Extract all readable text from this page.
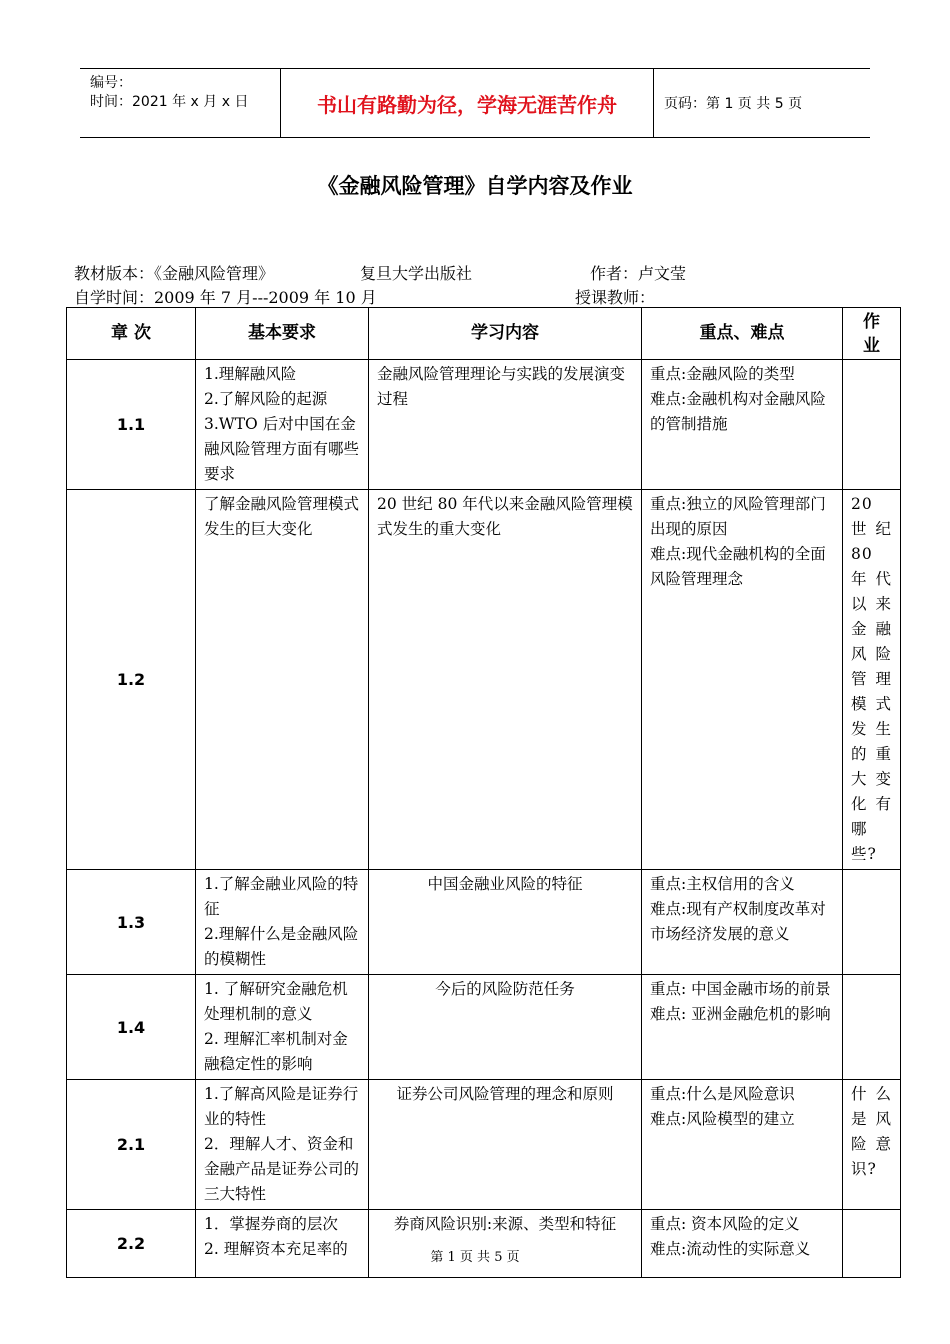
编号：
时间：2021 年 x 月 x 日	书山有路勤为径，学海无涯苦作舟	页码：第 1 页 共 5 页
《金融风险管理》自学内容及作业
教材版本：《金融风险管理》	复旦大学出版社	作者：卢文莹
自学时间：2009 年 7 月---2009 年 10 月	授课教师：
章 次	基本要求	学习内容	重点、难点	作业
1.1	1.理解融风险
2.了解风险的起源
3.WTO 后对中国在金融风险管理方面有哪些要求	金融风险管理理论与实践的发展演变过程	重点:金融风险的类型
难点:金融机构对金融风险的管制措施	

1.2	了解金融风险管理模式发生的巨大变化	20 世纪 80 年代以来金融风险管理模式发生的重大变化	重点:独立的风险管理部门出现的原因
难点:现代金融机构的全面风险管理理念	20 世纪 80 年代以来金融风险管理模式发生的重大变化有哪些?
1.3	1.了解金融业风险的特征
2.理解什么是金融风险的模糊性	中国金融业风险的特征	重点:主权信用的含义
难点:现有产权制度改革对市场经济发展的意义	

1.4	1. 了解研究金融危机处理机制的意义
2. 理解汇率机制对金融稳定性的影响	今后的风险防范任务	重点: 中国金融市场的前景
难点: 亚洲金融危机的影响	

2.1	1.了解高风险是证券行业的特性
2．理解人才、资金和金融产品是证券公司的三大特性	证券公司风险管理的理念和原则	重点:什么是风险意识
难点:风险模型的建立	什么是风险意识?
2.2	1．掌握券商的层次
2. 理解资本充足率的	券商风险识别:来源、类型和特征	重点: 资本风险的定义
难点:流动性的实际意义	

第 1 页 共 5 页
